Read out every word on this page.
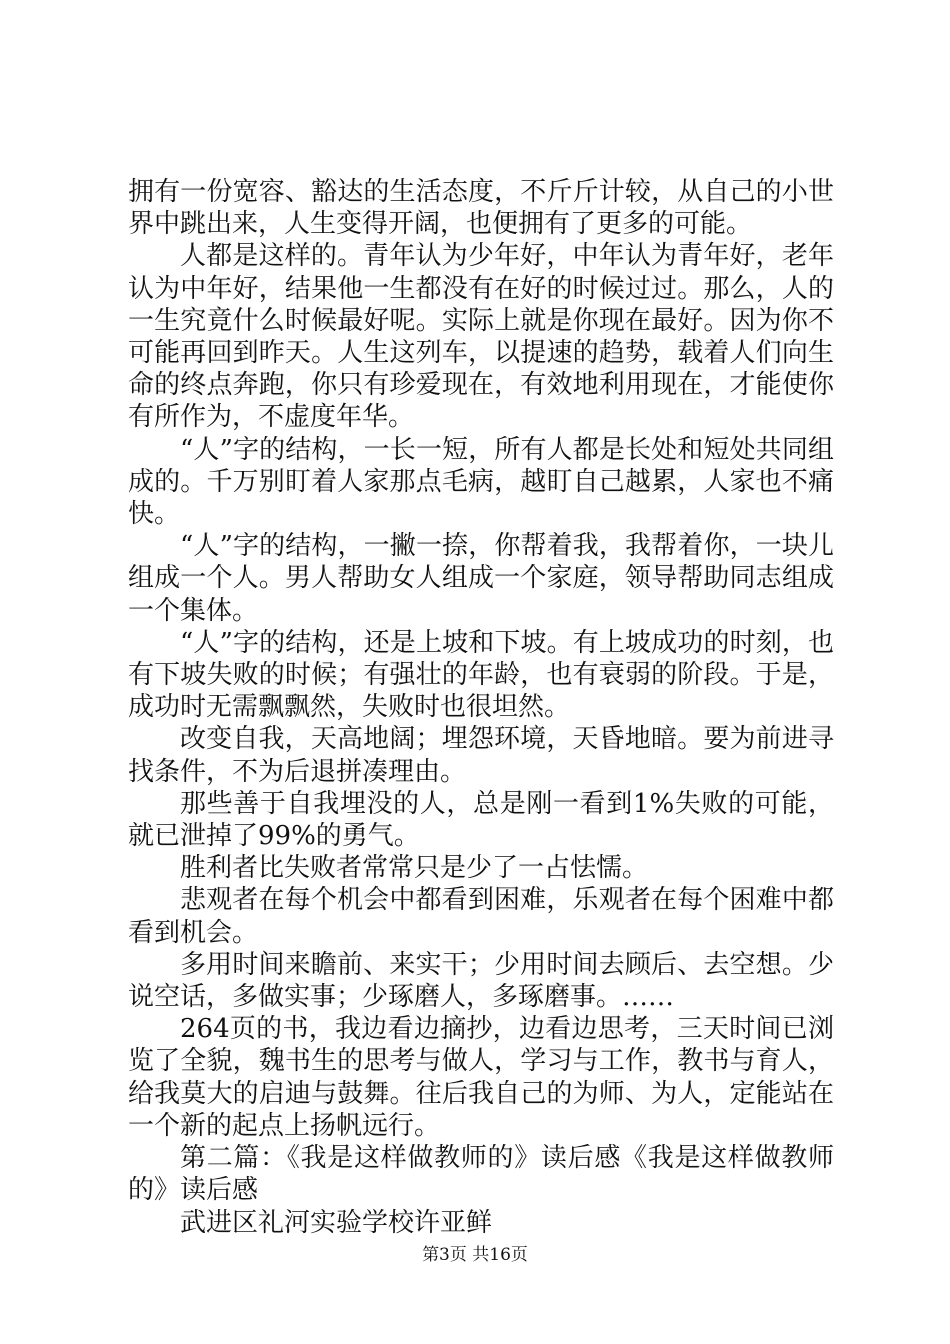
拥有一份宽容、豁达的生活态度，不斤斤计较，从自己的小世界中跳出来，人生变得开阔，也便拥有了更多的可能。

人都是这样的。青年认为少年好，中年认为青年好，老年认为中年好，结果他一生都没有在好的时候过过。那么，人的一生究竟什么时候最好呢。实际上就是你现在最好。因为你不可能再回到昨天。人生这列车，以提速的趋势，载着人们向生命的终点奔跑，你只有珍爱现在，有效地利用现在，才能使你有所作为，不虚度年华。

“人”字的结构，一长一短，所有人都是长处和短处共同组成的。千万别盯着人家那点毛病，越盯自己越累，人家也不痛快。

“人”字的结构，一撇一捺，你帮着我，我帮着你，一块儿组成一个人。男人帮助女人组成一个家庭，领导帮助同志组成一个集体。

“人”字的结构，还是上坡和下坡。有上坡成功的时刻，也有下坡失败的时候；有强壮的年龄，也有衰弱的阶段。于是，成功时无需飘飘然，失败时也很坦然。

改变自我，天高地阔；埋怨环境，天昏地暗。要为前进寻找条件，不为后退拼凑理由。

那些善于自我埋没的人，总是刚一看到1%失败的可能，就已泄掉了99%的勇气。

胜利者比失败者常常只是少了一占怯懦。

悲观者在每个机会中都看到困难，乐观者在每个困难中都看到机会。

多用时间来瞻前、来实干；少用时间去顾后、去空想。少说空话，多做实事；少琢磨人，多琢磨事。……

264页的书，我边看边摘抄，边看边思考，三天时间已浏览了全貌，魏书生的思考与做人，学习与工作，教书与育人，给我莫大的启迪与鼓舞。往后我自己的为师、为人，定能站在一个新的起点上扬帆远行。

第二篇：《我是这样做教师的》读后感《我是这样做教师的》读后感

武进区礼河实验学校许亚鲜

第3页 共16页
